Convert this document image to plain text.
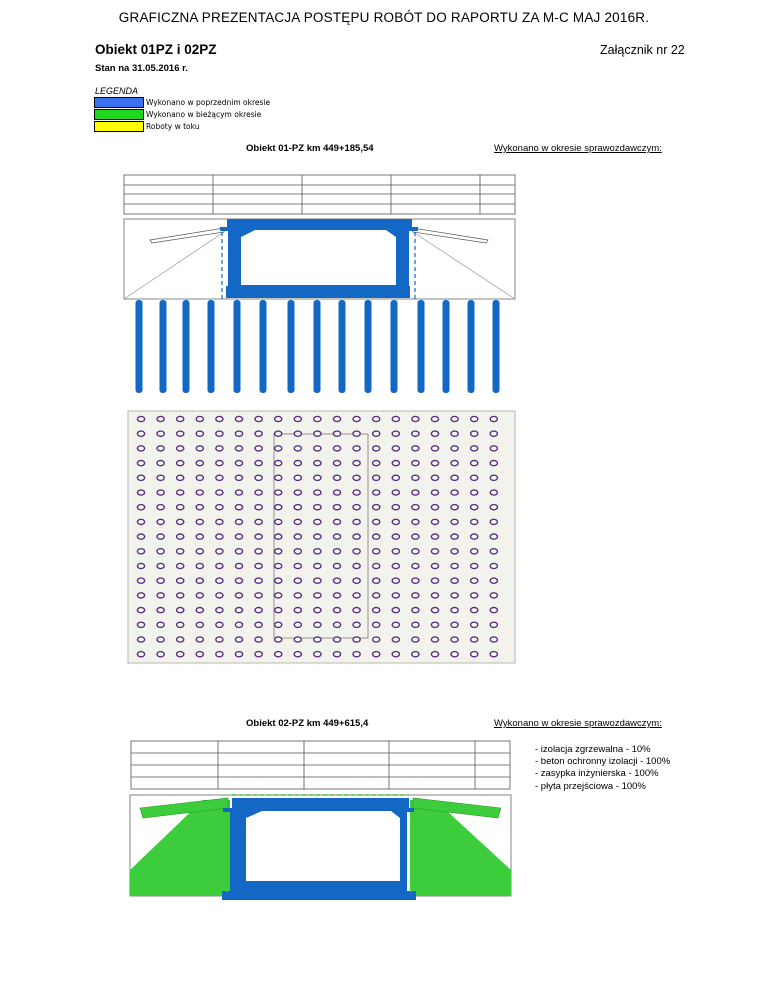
GRAFICZNA PREZENTACJA POSTĘPU ROBÓT DO RAPORTU ZA M-C MAJ 2016R.
Obiekt 01PZ i 02PZ	Załącznik nr 22
Stan na 31.05.2016 r.
LEGENDA
Wykonano w poprzednim okresie
Wykonano w bieżącym okresie
Roboty w toku
Obiekt 01-PZ km 449+185,54	Wykonano w okresie sprawozdawczym:
Obiekt 02-PZ km 449+615,4	Wykonano w okresie sprawozdawczym:
- izolacja zgrzewalna - 10%
- beton ochronny izolacji - 100%
- zasypka inżynierska - 100%
- płyta przejściowa - 100%
